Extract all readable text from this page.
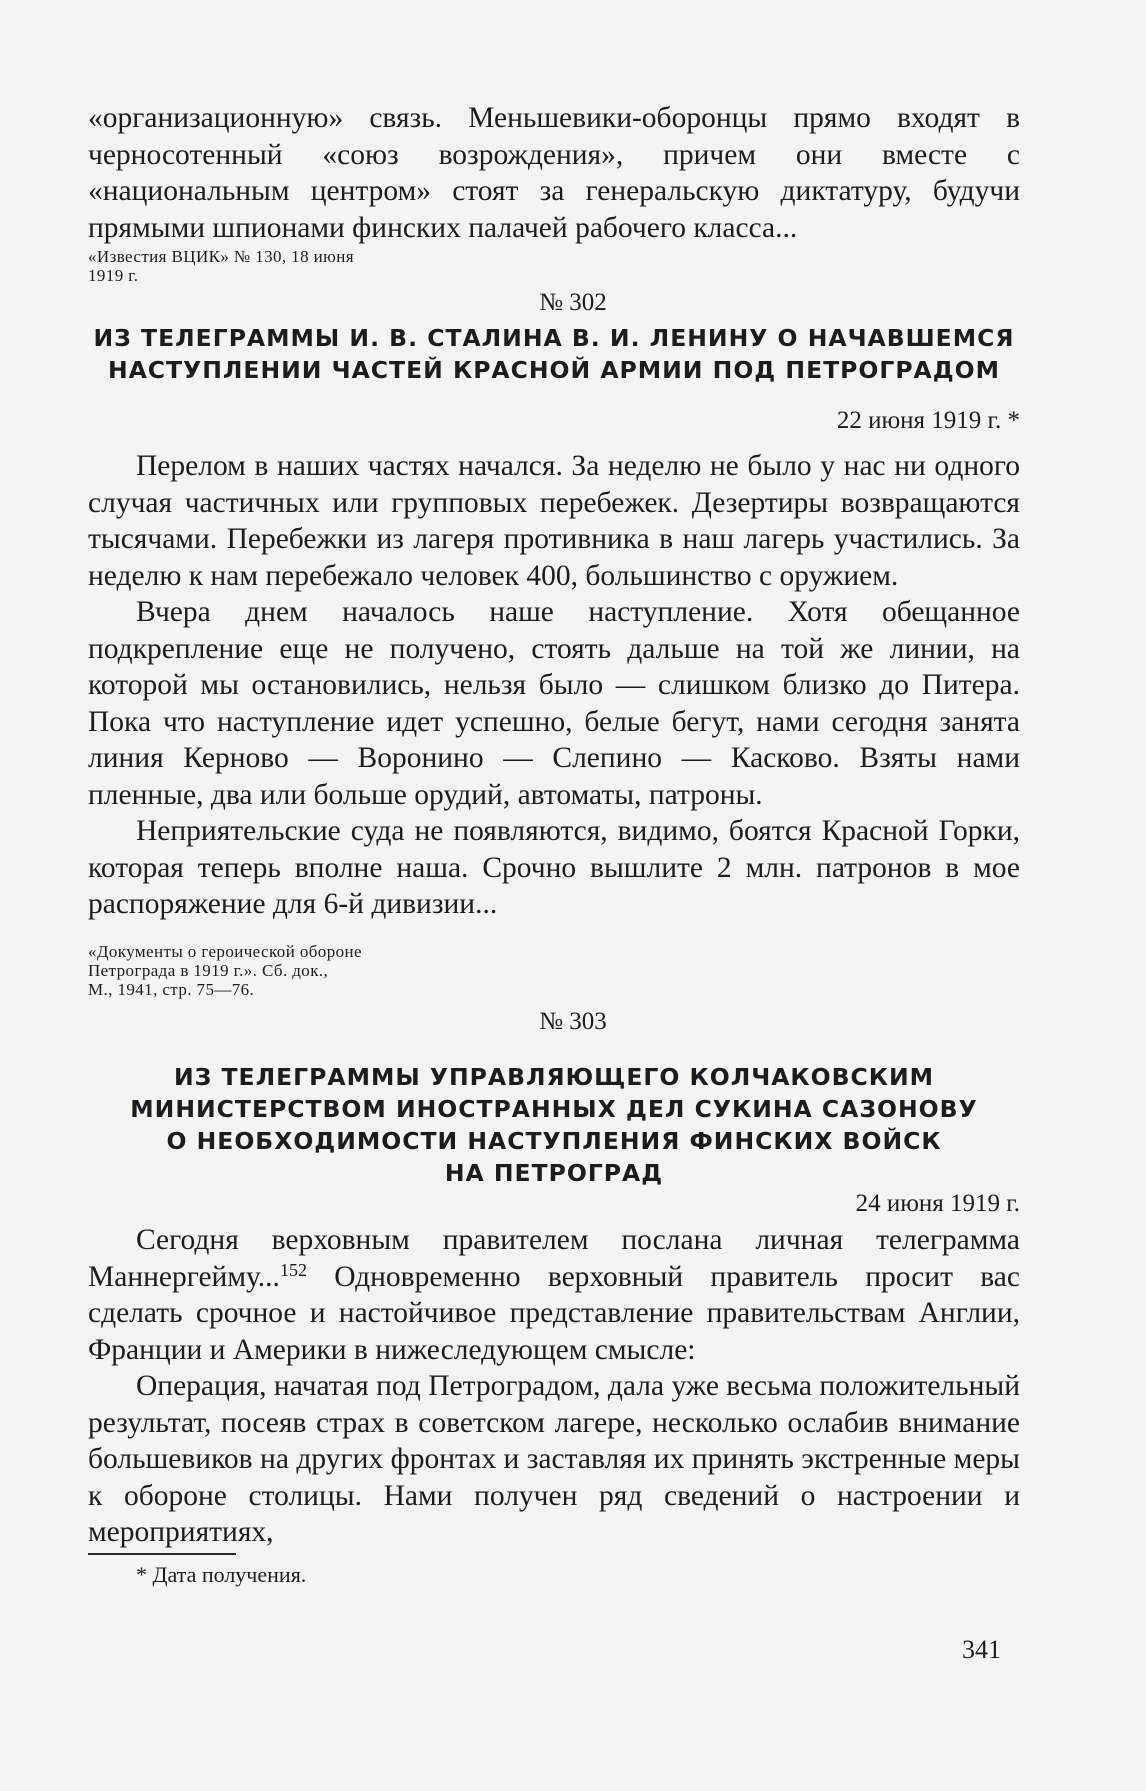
«организационную» связь. Меньшевики-оборонцы прямо входят в черносотенный «союз возрождения», причем они вместе с «национальным центром» стоят за генеральскую диктатуру, будучи прямыми шпионами финских палачей рабочего класса...

«Известия ВЦИК» № 130, 18 июня

1919 г.

№ 302

ИЗ ТЕЛЕГРАММЫ И. В. СТАЛИНА В. И. ЛЕНИНУ О НАЧАВШЕМСЯ

НАСТУПЛЕНИИ ЧАСТЕЙ КРАСНОЙ АРМИИ ПОД ПЕТРОГРАДОМ

22 июня 1919 г. *

Перелом в наших частях начался. За неделю не было у нас ни одного случая частичных или групповых перебежек. Дезертиры возвращаются тысячами. Перебежки из лагеря противника в наш лагерь участились. За неделю к нам перебежало человек 400, большинство с оружием.

Вчера днем началось наше наступление. Хотя обещанное подкрепление еще не получено, стоять дальше на той же линии, на которой мы остановились, нельзя было — слишком близко до Питера. Пока что наступление идет успешно, белые бегут, нами сегодня занята линия Керново — Воронино — Слепино — Касково. Взяты нами пленные, два или больше орудий, автоматы, патроны.

Неприятельские суда не появляются, видимо, боятся Красной Горки, которая теперь вполне наша. Срочно вышлите 2 млн. патронов в мое распоряжение для 6-й дивизии...

«Документы о героической обороне

Петрограда в 1919 г.». Сб. док.,

М., 1941, стр. 75—76.

№ 303

ИЗ ТЕЛЕГРАММЫ УПРАВЛЯЮЩЕГО КОЛЧАКОВСКИМ

МИНИСТЕРСТВОМ ИНОСТРАННЫХ ДЕЛ СУКИНА САЗОНОВУ

О НЕОБХОДИМОСТИ НАСТУПЛЕНИЯ ФИНСКИХ ВОЙСК

НА ПЕТРОГРАД

24 июня 1919 г.

Сегодня верховным правителем послана личная телеграмма Маннергейму...$^{152}$ Одновременно верховный правитель просит вас сделать срочное и настойчивое представление правительствам Англии, Франции и Америки в нижеследующем смысле:

Операция, начатая под Петроградом, дала уже весьма положительный результат, посеяв страх в советском лагере, несколько ослабив внимание большевиков на других фронтах и заставляя их принять экстренные меры к обороне столицы. Нами получен ряд сведений о настроении и мероприятиях,

* Дата получения.
341
